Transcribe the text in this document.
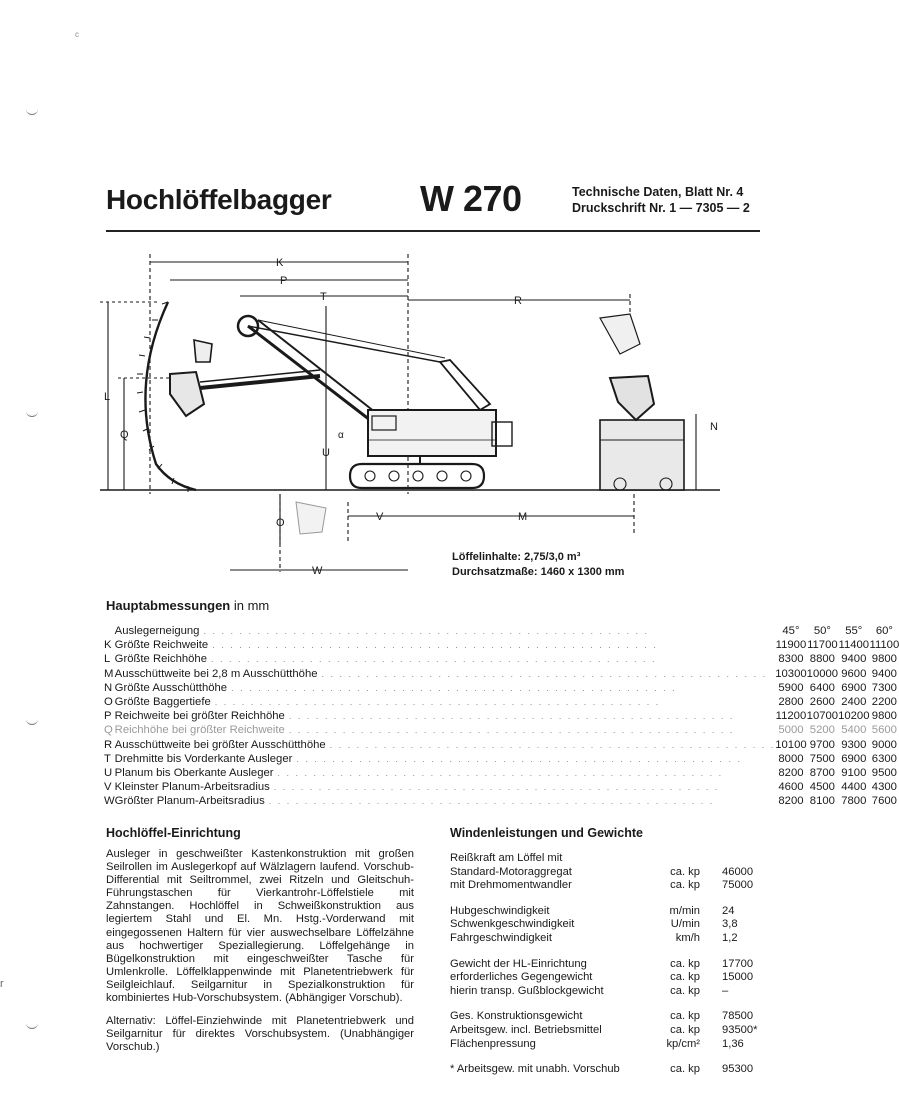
c
r
Hochlöffelbagger W 270	Technische Daten, Blatt Nr. 4
Druckschrift Nr. 1 — 7305 — 2
K
P
T	R
L
Q
U
N
O	V	M
W
α
Löffelinhalte: 2,75/3,0 m³
Durchsatzmaße: 1460 x 1300 mm
Hauptabmessungen in mm
	Auslegerneigung . . .	45°	50°	55°	60°
K	Größte Reichweite . . .	11900	11700	11400	11100
L	Größte Reichhöhe . . .	8300	8800	9400	9800
M	Ausschüttweite bei 2,8 m Ausschütthöhe . . .	10300	10000	9600	9400
N	Größte Ausschütthöhe . . .	5900	6400	6900	7300
O	Größte Baggertiefe . . .	2800	2600	2400	2200
P	Reichweite bei größter Reichhöhe . . .	11200	10700	10200	9800
Q	Reichhöhe bei größter Reichweite . . .	5000	5200	5400	5600
R	Ausschüttweite bei größter Ausschütthöhe . . .	10100	9700	9300	9000
T	Drehmitte bis Vorderkante Ausleger . . .	8000	7500	6900	6300
U	Planum bis Oberkante Ausleger . . .	8200	8700	9100	9500
V	Kleinster Planum-Arbeitsradius . . .	4600	4500	4400	4300
W	Größter Planum-Arbeitsradius . . .	8200	8100	7800	7600
Hochlöffel-Einrichtung

Ausleger in geschweißter Kastenkonstruktion mit großen Seilrollen im Auslegerkopf auf Wälzlagern laufend. Vorschub-Differential mit Seiltrommel, zwei Ritzeln und Gleitschuh-Führungstaschen für Vierkantrohr-Löffelstiele mit Zahnstangen. Hochlöffel in Schweißkonstruktion aus legiertem Stahl und El. Mn. Hstg.-Vorderwand mit eingegossenen Haltern für vier auswechselbare Löffelzähne aus hochwertiger Speziallegierung. Löffelgehänge in Bügelkonstruktion mit eingeschweißter Tasche für Umlenkrolle. Löffelklappenwinde mit Planetentriebwerk für Seilgleichlauf. Seilgarnitur in Spezialkonstruktion für kombiniertes Hub-Vorschubsystem. (Abhängiger Vorschub).

Alternativ: Löffel-Einziehwinde mit Planetentriebwerk und Seilgarnitur für direktes Vorschubsystem. (Unabhängiger Vorschub.)

Windenleistungen und Gewichte
Reißkraft am Löffel mit
Standard-Motoraggregat	ca. kp 46000
mit Drehmomentwandler	ca. kp 75000
Hubgeschwindigkeit	m/min 24
Schwenkgeschwindigkeit	U/min 3,8
Fahrgeschwindigkeit	km/h 1,2
Gewicht der HL-Einrichtung	ca. kp 17700
erforderliches Gegengewicht	ca. kp 15000
hierin transp. Gußblockgewicht	ca. kp –
Ges. Konstruktionsgewicht	ca. kp 78500
Arbeitsgew. incl. Betriebsmittel	ca. kp 93500*
Flächenpressung	kp/cm² 1,36
* Arbeitsgew. mit unabh. Vorschub	ca. kp 95300
